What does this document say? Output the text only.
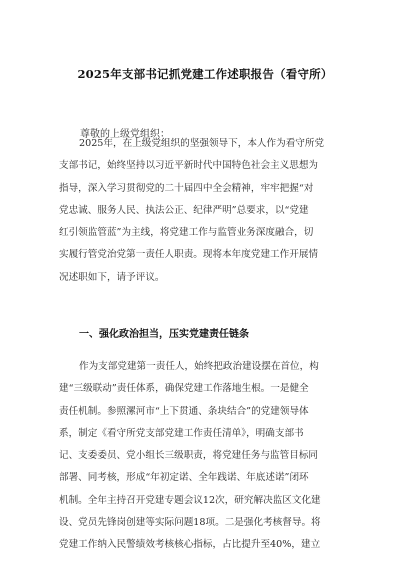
2025年支部书记抓党建工作述职报告（看守所）
尊敬的上级党组织：
2025年，在上级党组织的坚强领导下，本人作为看守所党
支部书记，始终坚持以习近平新时代中国特色社会主义思想为
指导，深入学习贯彻党的二十届四中全会精神，牢牢把握“对
党忠诚、服务人民、执法公正、纪律严明”总要求，以“党建
红引领监管蓝”为主线，将党建工作与监管业务深度融合，切
实履行管党治党第一责任人职责。现将本年度党建工作开展情
况述职如下，请予评议。
一、强化政治担当，压实党建责任链条
作为支部党建第一责任人，始终把政治建设摆在首位，构
建“三级联动”责任体系，确保党建工作落地生根。一是健全
责任机制。参照漯河市“上下贯通、条块结合”的党建领导体
系，制定《看守所党支部党建工作责任清单》，明确支部书
记、支委委员、党小组长三级职责，将党建任务与监管目标同
部署、同考核，形成“年初定诺、全年践诺、年底述诺”闭环
机制。全年主持召开党建专题会议12次，研究解决监区文化建
设、党员先锋岗创建等实际问题18项。二是强化考核督导。将
党建工作纳入民警绩效考核核心指标，占比提升至40%，建立
